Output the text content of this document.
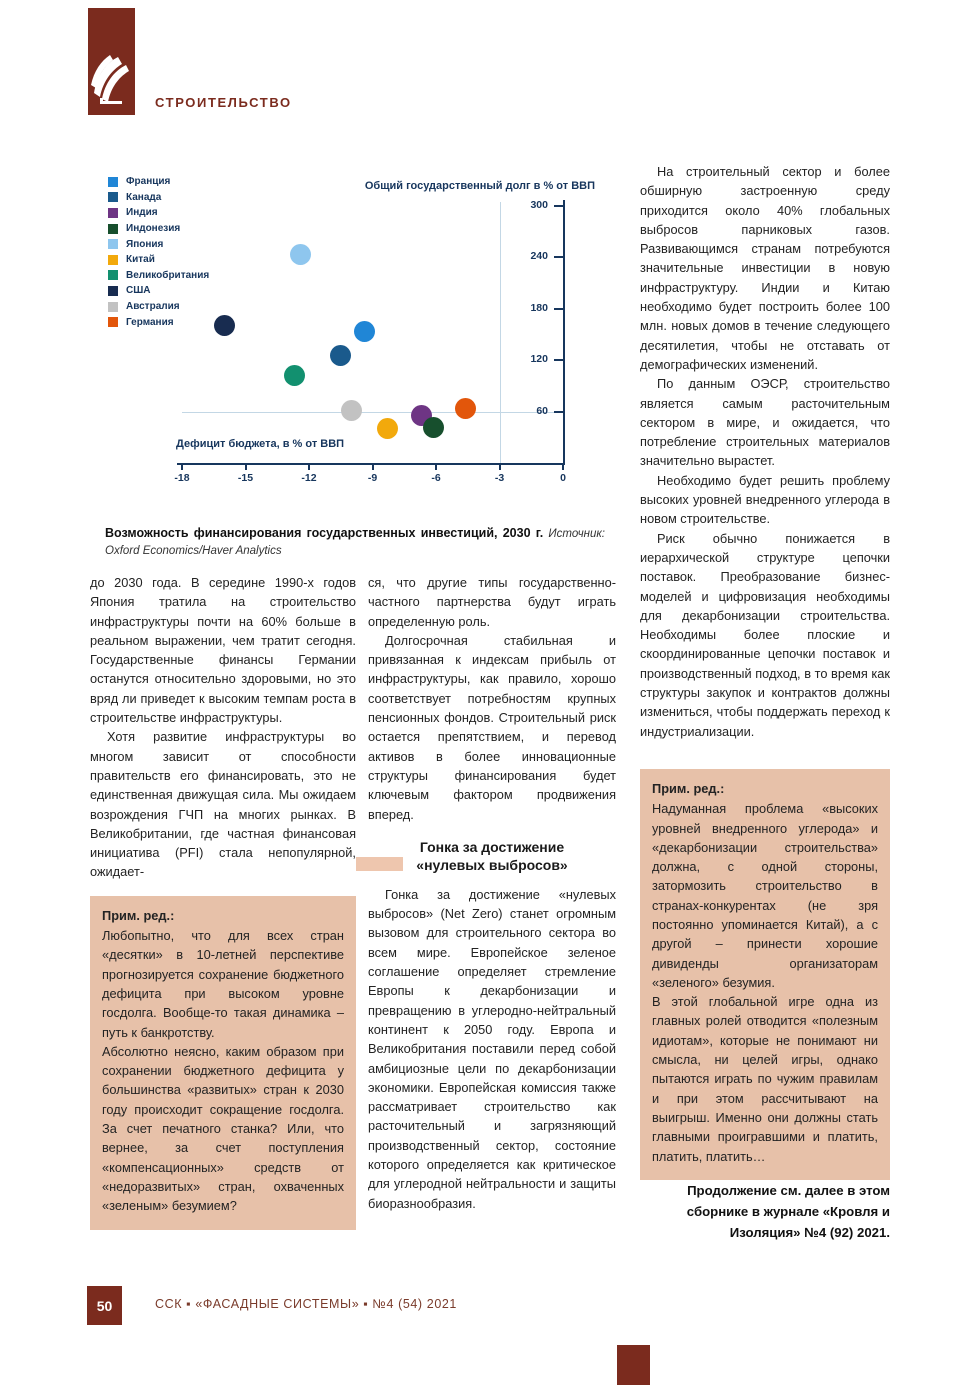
СТРОИТЕЛЬСТВО
Общий государственный долг в % от ВВП
Франция
Канада
Индия
Индонезия
Япония
Китай
Великобритания
США
Австралия
Германия
Дефицит бюджета, в % от ВВП
-18	-15	-12	-9	-6	-3	0
60
120
180
240
300

Возможность финансирования государственных инвестиций, 2030 г. Источник: Oxford Economics/Haver Analytics

до 2030 года. В середине 1990-х годов Япония тратила на строительство инфраструктуры почти на 60% больше в реальном выражении, чем тратит сегодня. Государственные финансы Германии останутся относительно здоровыми, но это вряд ли приведет к высоким темпам роста в строительстве инфраструктуры.

Хотя развитие инфраструктуры во многом зависит от способности правительств его финансировать, это не единственная движущая сила. Мы ожидаем возрождения ГЧП на многих рынках. В Великобритании, где частная финансовая инициатива (PFI) стала непопулярной, ожидает-

Прим. ред.:

Любопытно, что для всех стран «десятки» в 10-летней перспективе прогнозируется сохранение бюджетного дефицита при высоком уровне госдолга. Вообще-то такая динамика – путь к банкротству.

Абсолютно неясно, каким образом при сохранении бюджетного дефицита у большинства «развитых» стран к 2030 году происходит сокращение госдолга. За счет печатного станка? Или, что вернее, за счет поступления «компенсационных» средств от «недоразвитых» стран, охваченных «зеленым» безумием?

ся, что другие типы государственно-частного партнерства будут играть определенную роль.

Долгосрочная стабильная и привязанная к индексам прибыль от инфраструктуры, как правило, хорошо соответствует потребностям крупных пенсионных фондов. Строительный риск остается препятствием, и перевод активов в более инновационные структуры финансирования будет ключевым фактором продвижения вперед.

Гонка за достижение
«нулевых выбросов»

Гонка за достижение «нулевых выбросов» (Net Zero) станет огромным вызовом для строительного сектора во всем мире. Европейское зеленое соглашение определяет стремление Европы к декарбонизации и превращению в углеродно-нейтральный континент к 2050 году. Европа и Великобритания поставили перед собой амбициозные цели по декарбонизации экономики. Европейская комиссия также рассматривает строительство как расточительный и загрязняющий производственный сектор, состояние которого определяется как критическое для углеродной нейтральности и защиты биоразнообразия.

На строительный сектор и более обширную застроенную среду приходится около 40% глобальных выбросов парниковых газов. Развивающимся странам потребуются значительные инвестиции в новую инфраструктуру. Индии и Китаю необходимо будет построить более 100 млн. новых домов в течение следующего десятилетия, чтобы не отставать от демографических изменений.

По данным ОЭСР, строительство является самым расточительным сектором в мире, и ожидается, что потребление строительных материалов значительно вырастет.

Необходимо будет решить проблему высоких уровней внедренного углерода в новом строительстве.

Риск обычно понижается в иерархической структуре цепочки поставок. Преобразование бизнес-моделей и цифровизация необходимы для декарбонизации строительства. Необходимы более плоские и скоординированные цепочки поставок и производственный подход, в то время как структуры закупок и контрактов должны измениться, чтобы поддержать переход к индустриализации.

Прим. ред.:

Надуманная проблема «высоких уровней внедренного углерода» и «декарбонизации строительства» должна, с одной стороны, затормозить строительство в странах-конкурентах (не зря постоянно упоминается Китай), а с другой – принести хорошие дивиденды организаторам «зеленого» безумия.

В этой глобальной игре одна из главных ролей отводится «полезным идиотам», которые не понимают ни смысла, ни целей игры, однако пытаются играть по чужим правилам и при этом рассчитывают на выигрыш. Именно они должны стать главными проигравшими и платить, платить, платить…

Продолжение см. далее в этом сборнике в журнале «Кровля и Изоляция» №4 (92) 2021.

50	ССК ▪ «ФАСАДНЫЕ СИСТЕМЫ» ▪ №4 (54) 2021
